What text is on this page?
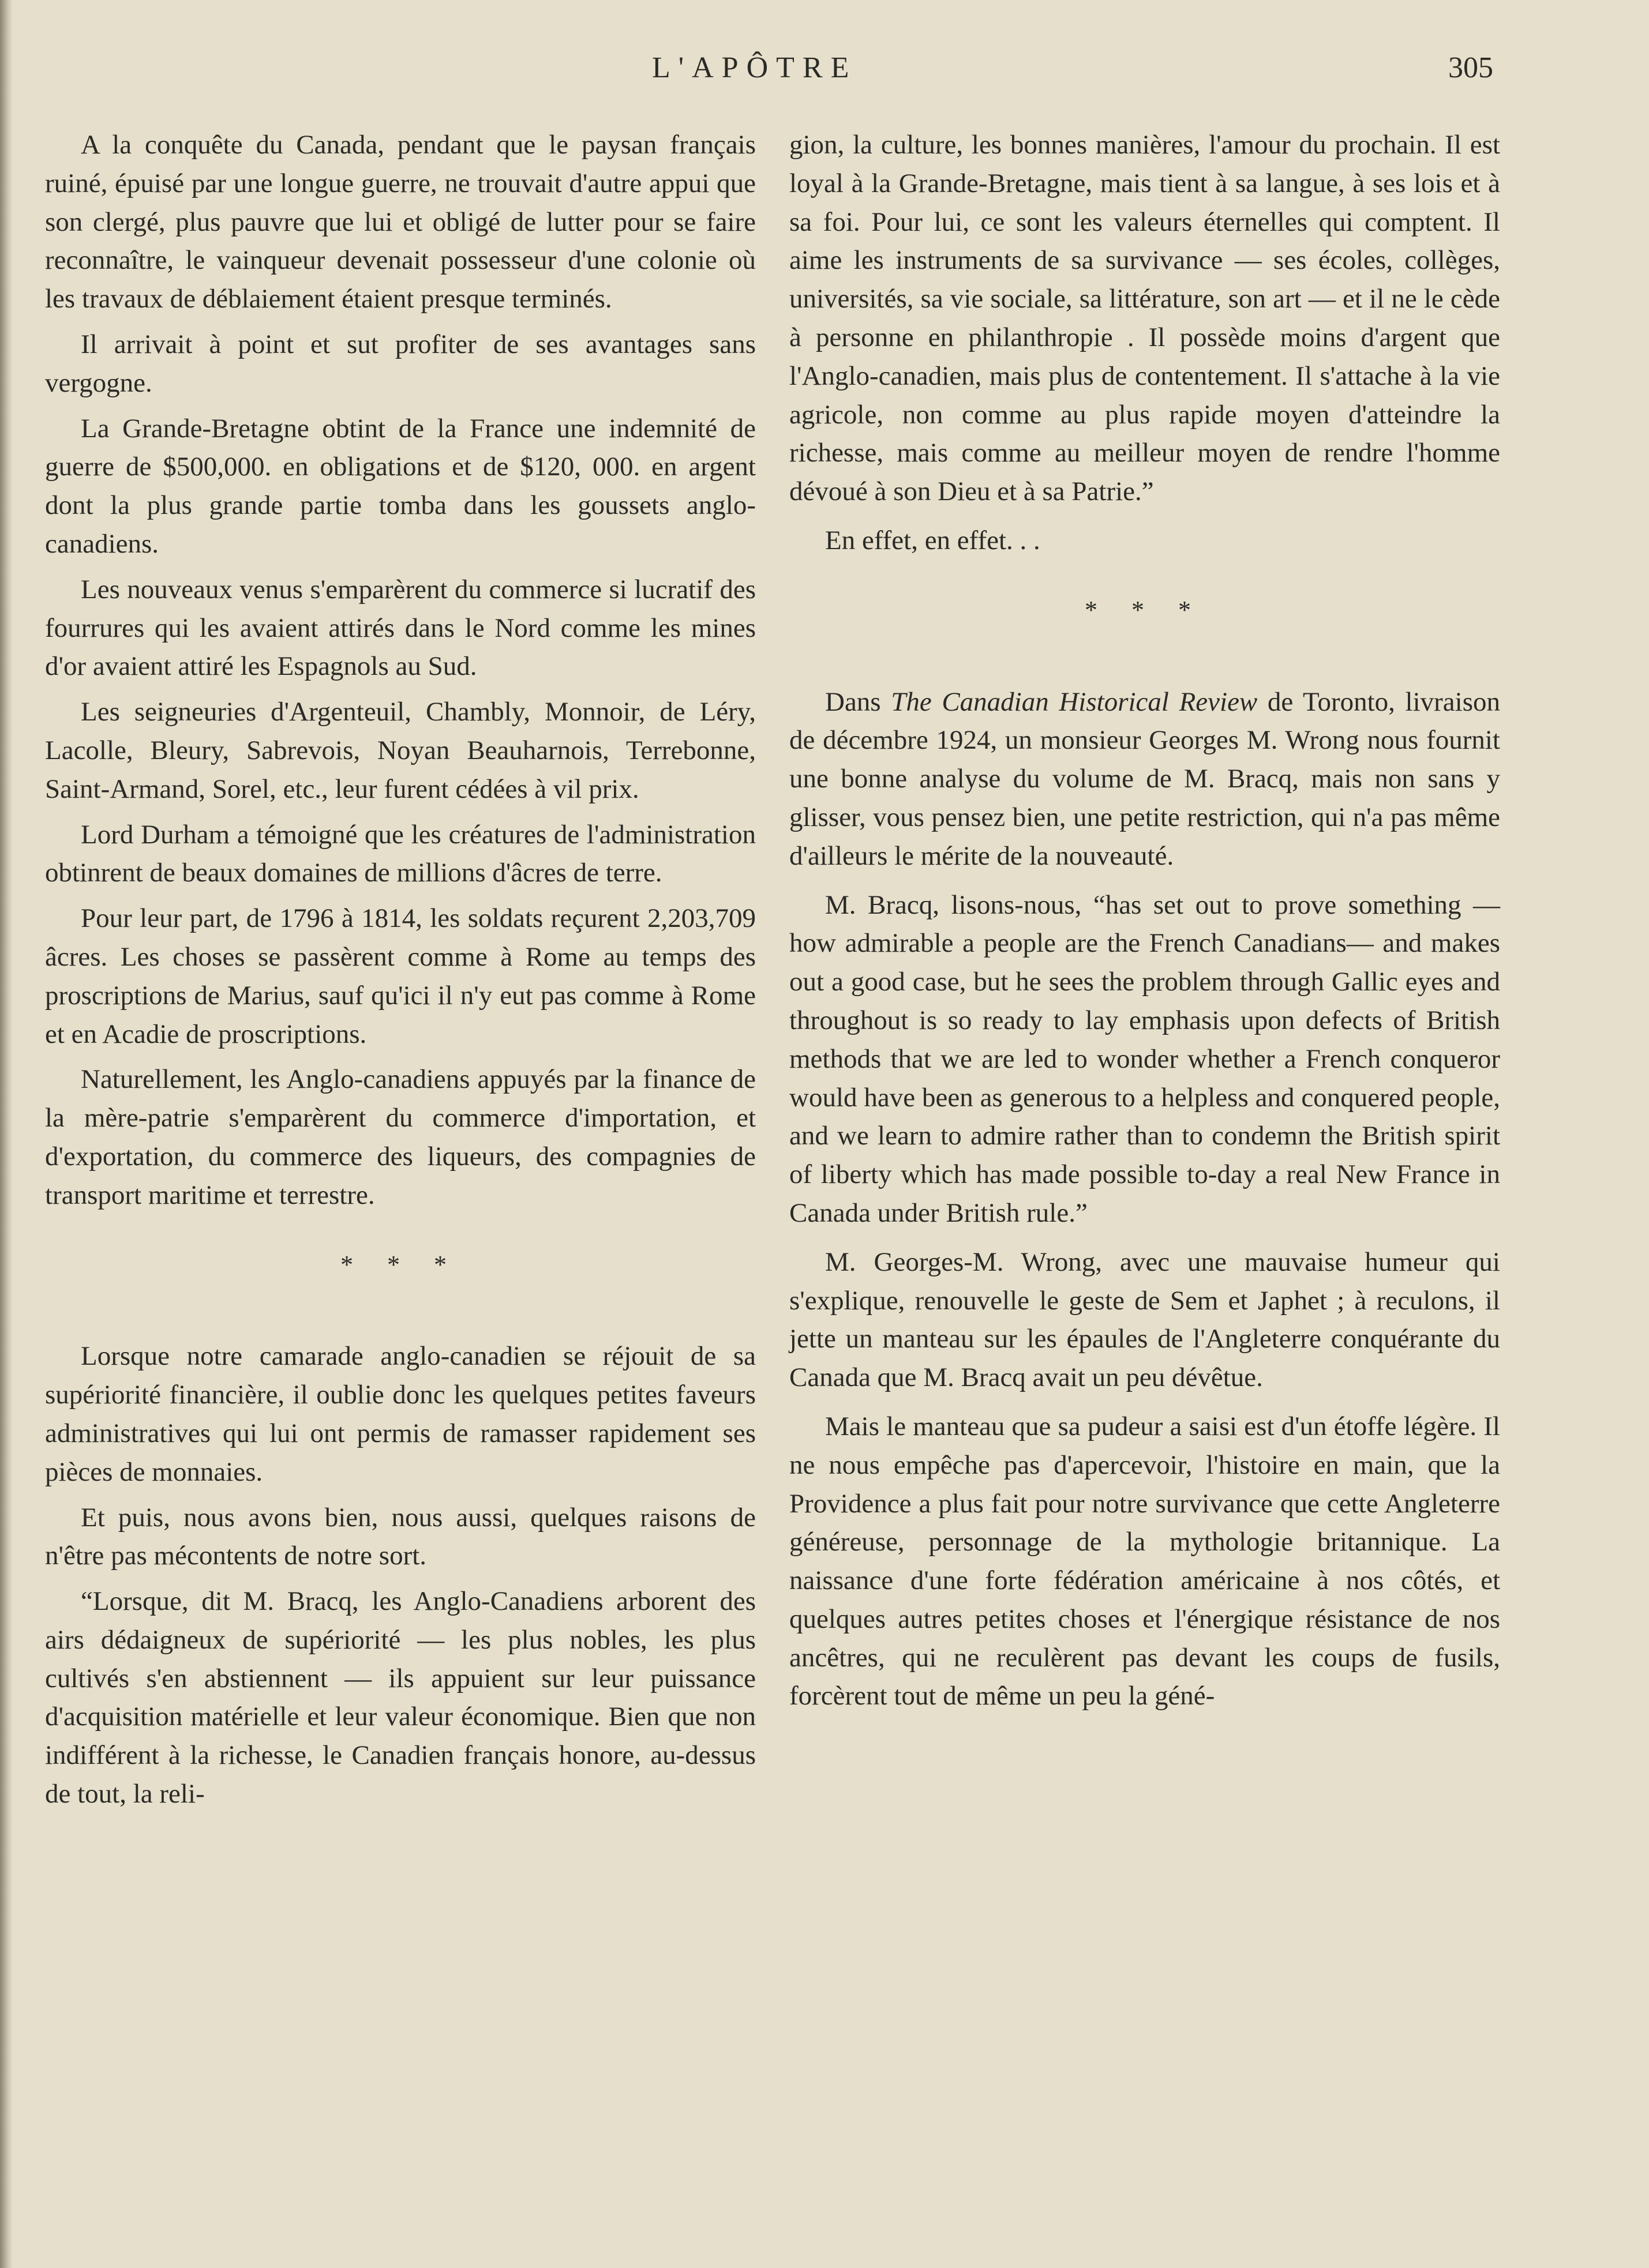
L'APÔTRE	305

A la conquête du Canada, pendant que le paysan français ruiné, épuisé par une longue guerre, ne trouvait d'autre appui que son clergé, plus pauvre que lui et obligé de lutter pour se faire reconnaître, le vainqueur devenait possesseur d'une colonie où les travaux de déblaiement étaient presque terminés.

Il arrivait à point et sut profiter de ses avantages sans vergogne.

La Grande-Bretagne obtint de la France une indemnité de guerre de $500,000. en obligations et de $120, 000. en argent dont la plus grande partie tomba dans les goussets anglo-canadiens.

Les nouveaux venus s'emparèrent du commerce si lucratif des fourrures qui les avaient attirés dans le Nord comme les mines d'or avaient attiré les Espagnols au Sud.

Les seigneuries d'Argenteuil, Chambly, Monnoir, de Léry, Lacolle, Bleury, Sabrevois, Noyan Beauharnois, Terrebonne, Saint-Armand, Sorel, etc., leur furent cédées à vil prix.

Lord Durham a témoigné que les créatures de l'administration obtinrent de beaux domaines de millions d'âcres de terre.

Pour leur part, de 1796 à 1814, les soldats reçurent 2,203,709 âcres. Les choses se passèrent comme à Rome au temps des proscriptions de Marius, sauf qu'ici il n'y eut pas comme à Rome et en Acadie de proscriptions.

Naturellement, les Anglo-canadiens appuyés par la finance de la mère-patrie s'emparèrent du commerce d'importation, et d'exportation, du commerce des liqueurs, des compagnies de transport maritime et terrestre.

* * *

Lorsque notre camarade anglo-canadien se réjouit de sa supériorité financière, il oublie donc les quelques petites faveurs administratives qui lui ont permis de ramasser rapidement ses pièces de monnaies.

Et puis, nous avons bien, nous aussi, quelques raisons de n'être pas mécontents de notre sort.

“Lorsque, dit M. Bracq, les Anglo-Canadiens arborent des airs dédaigneux de supériorité — les plus nobles, les plus cultivés s'en abstiennent — ils appuient sur leur puissance d'acquisition matérielle et leur valeur économique. Bien que non indifférent à la richesse, le Canadien français honore, au-dessus de tout, la reli-

gion, la culture, les bonnes manières, l'amour du prochain. Il est loyal à la Grande-Bretagne, mais tient à sa langue, à ses lois et à sa foi. Pour lui, ce sont les valeurs éternelles qui comptent. Il aime les instruments de sa survivance — ses écoles, collèges, universités, sa vie sociale, sa littérature, son art — et il ne le cède à personne en philanthropie . Il possède moins d'argent que l'Anglo-canadien, mais plus de contentement. Il s'attache à la vie agricole, non comme au plus rapide moyen d'atteindre la richesse, mais comme au meilleur moyen de rendre l'homme dévoué à son Dieu et à sa Patrie.”

En effet, en effet. . .

* * *

Dans The Canadian Historical Review de Toronto, livraison de décembre 1924, un monsieur Georges M. Wrong nous fournit une bonne analyse du volume de M. Bracq, mais non sans y glisser, vous pensez bien, une petite restriction, qui n'a pas même d'ailleurs le mérite de la nouveauté.

M. Bracq, lisons-nous, “has set out to prove something — how admirable a people are the French Canadians— and makes out a good case, but he sees the problem through Gallic eyes and throughout is so ready to lay emphasis upon defects of British methods that we are led to wonder whether a French conqueror would have been as generous to a helpless and conquered people, and we learn to admire rather than to condemn the British spirit of liberty which has made possible to-day a real New France in Canada under British rule.”

M. Georges-M. Wrong, avec une mauvaise humeur qui s'explique, renouvelle le geste de Sem et Japhet ; à reculons, il jette un manteau sur les épaules de l'Angleterre conquérante du Canada que M. Bracq avait un peu dévêtue.

Mais le manteau que sa pudeur a saisi est d'un étoffe légère. Il ne nous empêche pas d'apercevoir, l'histoire en main, que la Providence a plus fait pour notre survivance que cette Angleterre généreuse, personnage de la mythologie britannique. La naissance d'une forte fédération américaine à nos côtés, et quelques autres petites choses et l'énergique résistance de nos ancêtres, qui ne reculèrent pas devant les coups de fusils, forcèrent tout de même un peu la géné-
